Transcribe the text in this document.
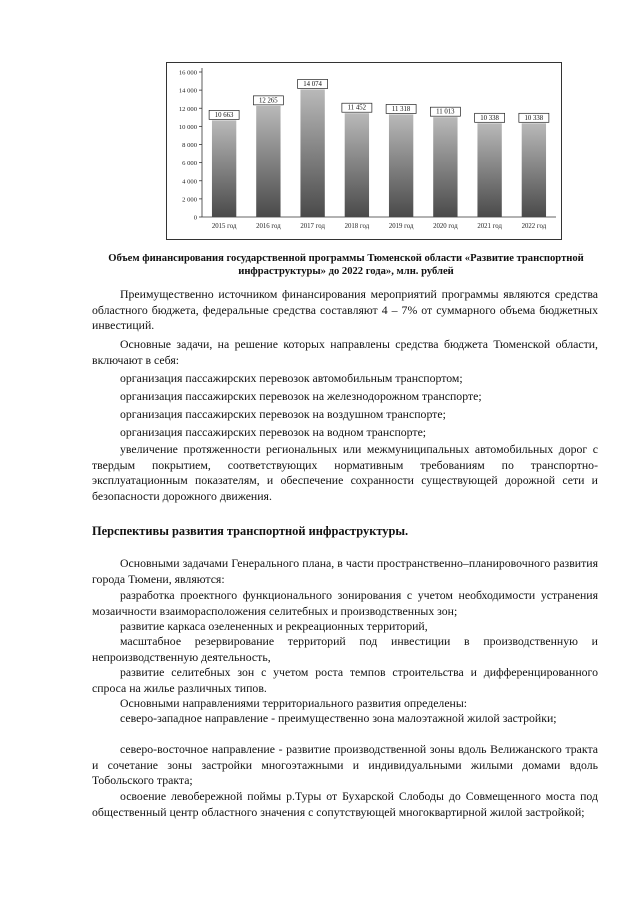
0
2 000
4 000
6 000
8 000
10 000
12 000
14 000
16 000
10 663
2015 год
12 265
2016 год
14 074
2017 год
11 452
2018 год
11 318
2019 год
11 013
2020 год
10 338
2021 год
10 338
2022 год
Объем финансирования государственной программы Тюменской области «Развитие транспортной инфраструктуры» до 2022 года», млн. рублей

Преимущественно источником финансирования мероприятий программы являются средства областного бюджета, федеральные средства составляют 4 – 7% от суммарного объема бюджетных инвестиций.

Основные задачи, на решение которых направлены средства бюджета Тюменской области, включают в себя:

организация пассажирских перевозок автомобильным транспортом;

организация пассажирских перевозок на железнодорожном транспорте;

организация пассажирских перевозок на воздушном транспорте;

организация пассажирских перевозок на водном транспорте;

увеличение протяженности региональных или межмуниципальных автомобильных дорог с твердым покрытием, соответствующих нормативным требованиям по транспортно-эксплуатационным показателям, и обеспечение сохранности существующей дорожной сети и безопасности дорожного движения.

Перспективы развития транспортной инфраструктуры.

Основными задачами Генерального плана, в части пространственно–планировочного развития города Тюмени, являются:

разработка проектного функционального зонирования с учетом необходимости устранения мозаичности взаиморасположения селитебных и производственных зон;

развитие каркаса озелененных и рекреационных территорий,

масштабное резервирование территорий под инвестиции в производственную и непроизводственную деятельность,

развитие селитебных зон с учетом роста темпов строительства и дифференцированного спроса на жилье различных типов.

Основными направлениями территориального развития определены:

северо-западное направление - преимущественно зона малоэтажной жилой застройки;

северо-восточное направление - развитие производственной зоны вдоль Велижанского тракта и сочетание зоны застройки многоэтажными и индивидуальными жилыми домами вдоль Тобольского тракта;

освоение левобережной поймы р.Туры от Бухарской Слободы до Совмещенного моста под общественный центр областного значения с сопутствующей многоквартирной жилой застройкой;
